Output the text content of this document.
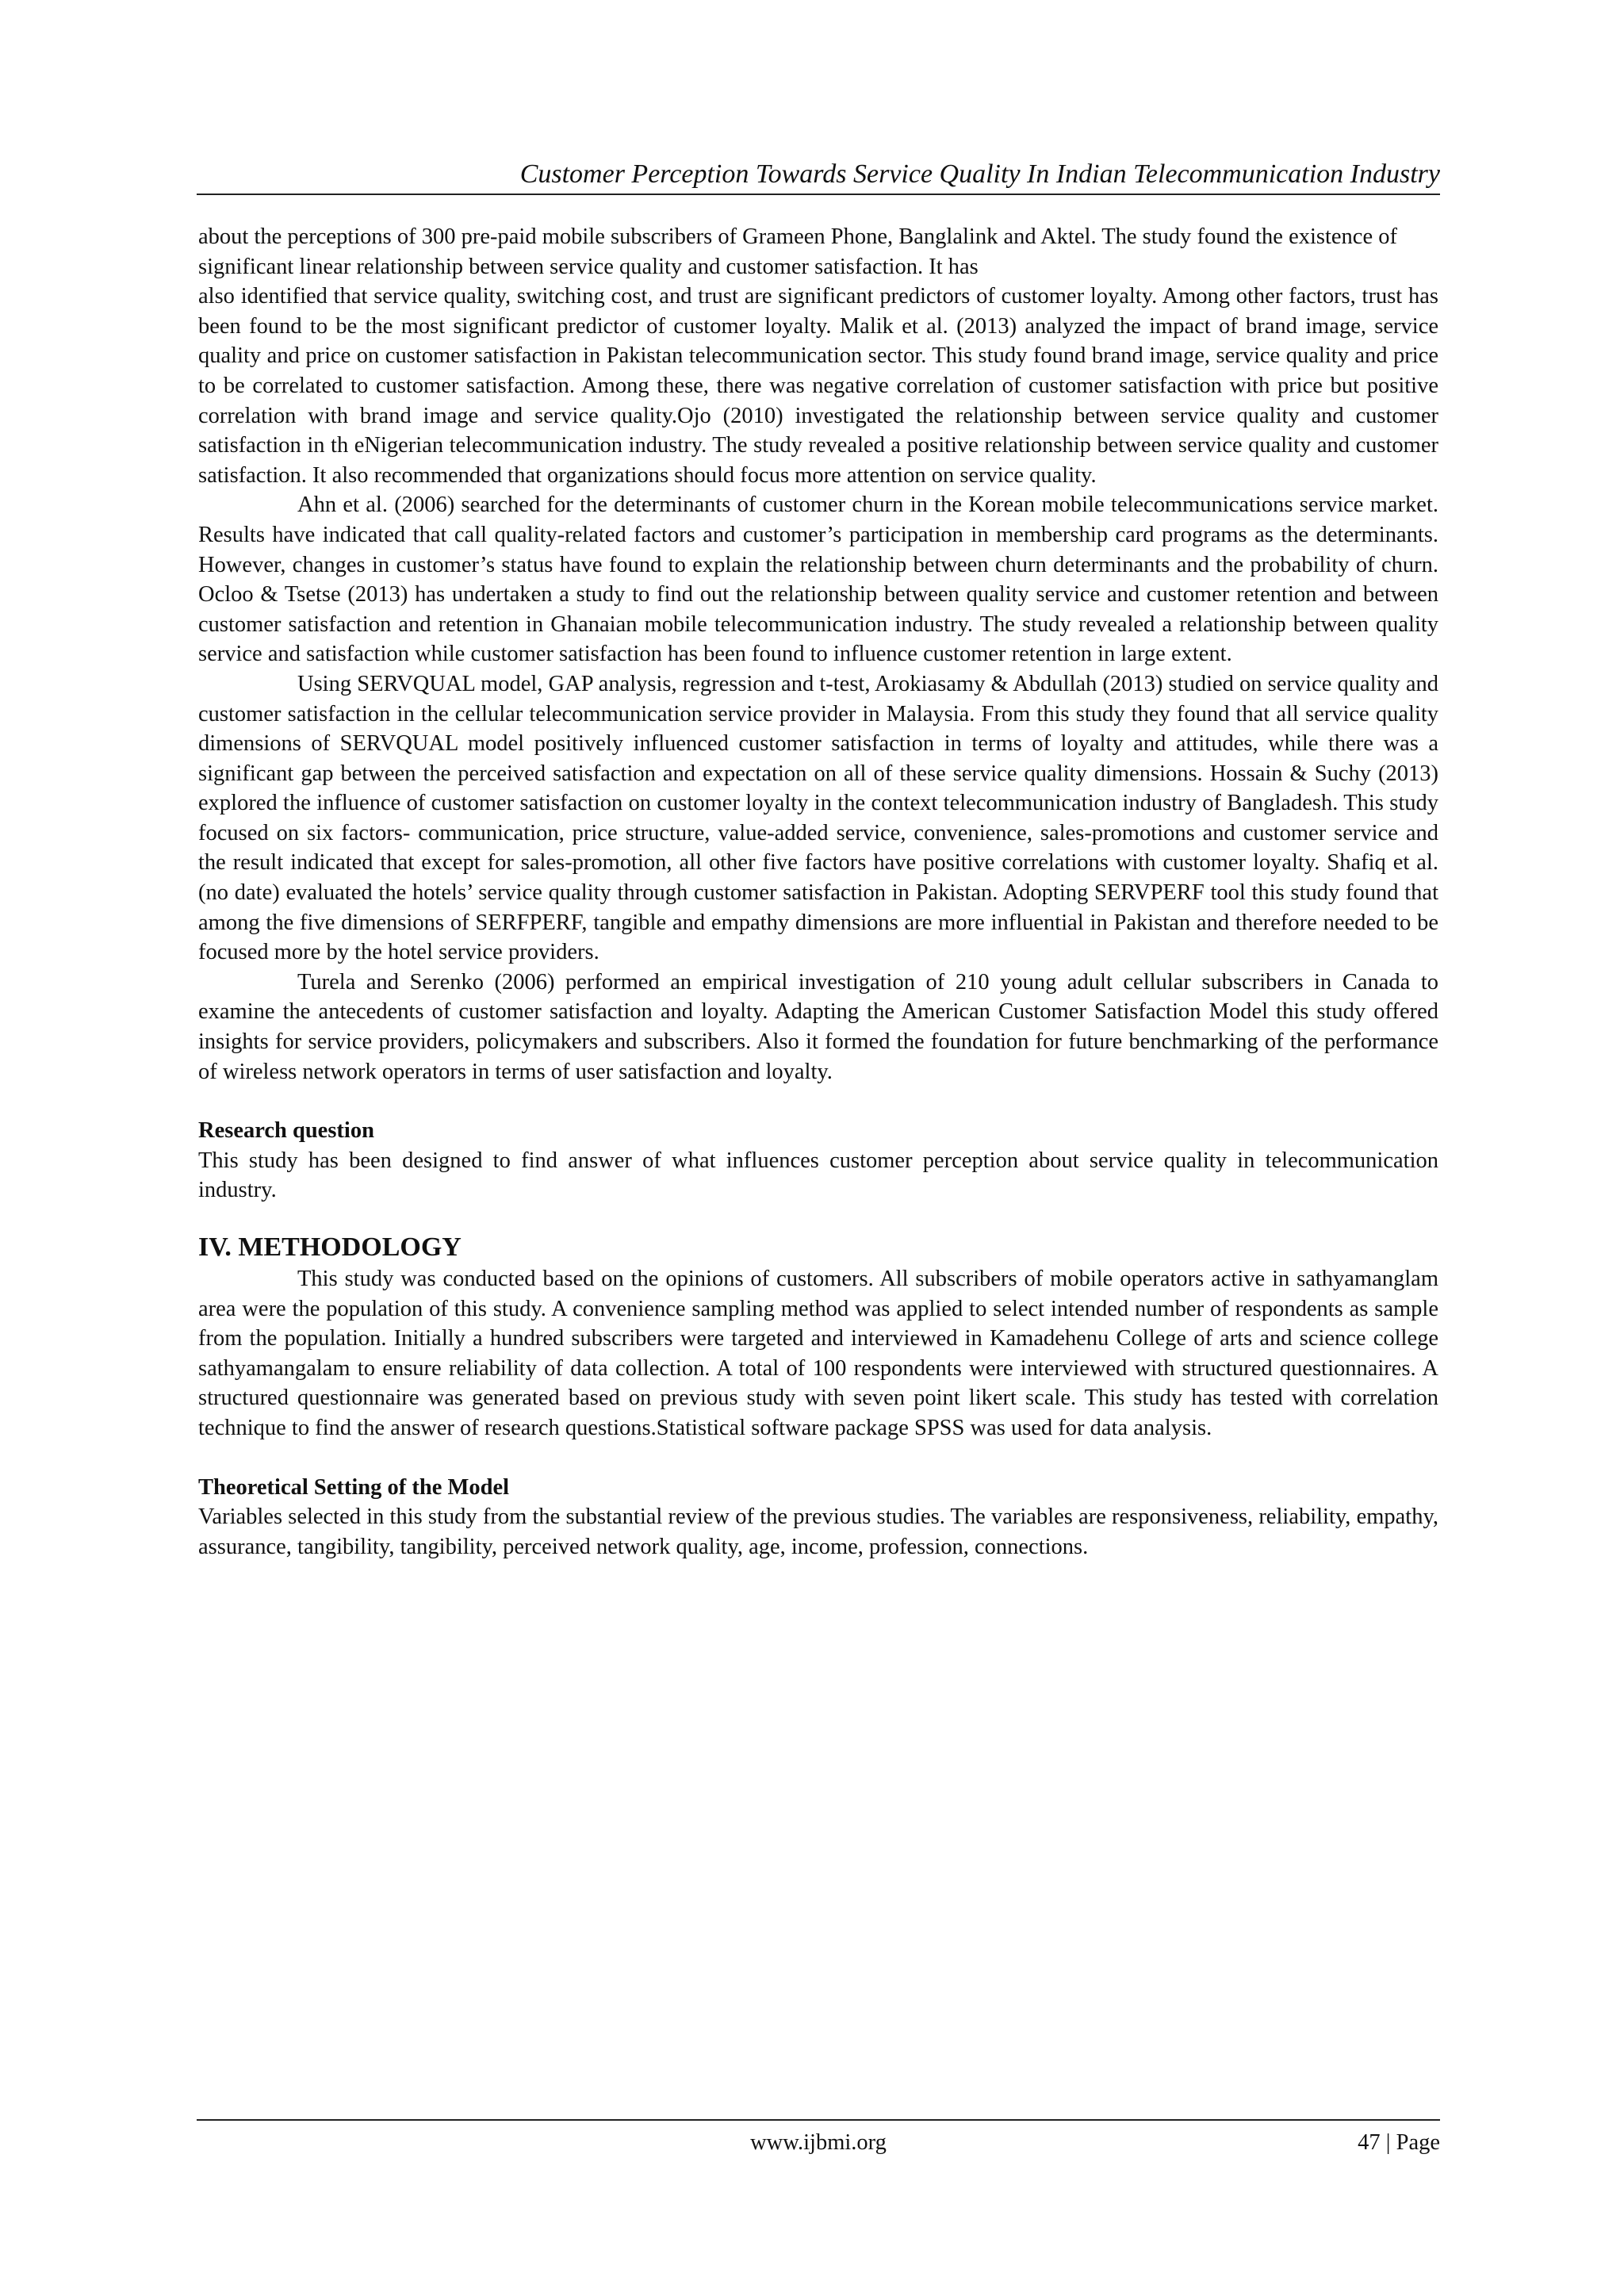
Customer Perception Towards Service Quality In Indian Telecommunication Industry

about the perceptions of 300 pre-paid mobile subscribers of Grameen Phone, Banglalink and Aktel. The study found the existence of significant linear relationship between service quality and customer satisfaction. It has

also identified that service quality, switching cost, and trust are significant predictors of customer loyalty. Among other factors, trust has been found to be the most significant predictor of customer loyalty. Malik et al. (2013) analyzed the impact of brand image, service quality and price on customer satisfaction in Pakistan telecommunication sector. This study found brand image, service quality and price to be correlated to customer satisfaction. Among these, there was negative correlation of customer satisfaction with price but positive correlation with brand image and service quality.Ojo (2010) investigated the relationship between service quality and customer satisfaction in th eNigerian telecommunication industry. The study revealed a positive relationship between service quality and customer satisfaction. It also recommended that organizations should focus more attention on service quality.

Ahn et al. (2006) searched for the determinants of customer churn in the Korean mobile telecommunications service market. Results have indicated that call quality-related factors and customer’s participation in membership card programs as the determinants. However, changes in customer’s status have found to explain the relationship between churn determinants and the probability of churn. Ocloo & Tsetse (2013) has undertaken a study to find out the relationship between quality service and customer retention and between customer satisfaction and retention in Ghanaian mobile telecommunication industry. The study revealed a relationship between quality service and satisfaction while customer satisfaction has been found to influence customer retention in large extent.

Using SERVQUAL model, GAP analysis, regression and t-test, Arokiasamy & Abdullah (2013) studied on service quality and customer satisfaction in the cellular telecommunication service provider in Malaysia. From this study they found that all service quality dimensions of SERVQUAL model positively influenced customer satisfaction in terms of loyalty and attitudes, while there was a significant gap between the perceived satisfaction and expectation on all of these service quality dimensions. Hossain & Suchy (2013) explored the influence of customer satisfaction on customer loyalty in the context telecommunication industry of Bangladesh. This study focused on six factors- communication, price structure, value-added service, convenience, sales-promotions and customer service and the result indicated that except for sales-promotion, all other five factors have positive correlations with customer loyalty. Shafiq et al. (no date) evaluated the hotels’ service quality through customer satisfaction in Pakistan. Adopting SERVPERF tool this study found that among the five dimensions of SERFPERF, tangible and empathy dimensions are more influential in Pakistan and therefore needed to be focused more by the hotel service providers.

Turela and Serenko (2006) performed an empirical investigation of 210 young adult cellular subscribers in Canada to examine the antecedents of customer satisfaction and loyalty. Adapting the American Customer Satisfaction Model this study offered insights for service providers, policymakers and subscribers. Also it formed the foundation for future benchmarking of the performance of wireless network operators in terms of user satisfaction and loyalty.

Research question

This study has been designed to find answer of what influences customer perception about service quality in telecommunication industry.

IV. METHODOLOGY

This study was conducted based on the opinions of customers. All subscribers of mobile operators active in sathyamanglam area were the population of this study. A convenience sampling method was applied to select intended number of respondents as sample from the population. Initially a hundred subscribers were targeted and interviewed in Kamadehenu College of arts and science college sathyamangalam to ensure reliability of data collection. A total of 100 respondents were interviewed with structured questionnaires. A structured questionnaire was generated based on previous study with seven point likert scale. This study has tested with correlation technique to find the answer of research questions.Statistical software package SPSS was used for data analysis.

Theoretical Setting of the Model

Variables selected in this study from the substantial review of the previous studies. The variables are responsiveness, reliability, empathy, assurance, tangibility, tangibility, perceived network quality, age, income, profession, connections.

www.ijbmi.org	47 | Page
